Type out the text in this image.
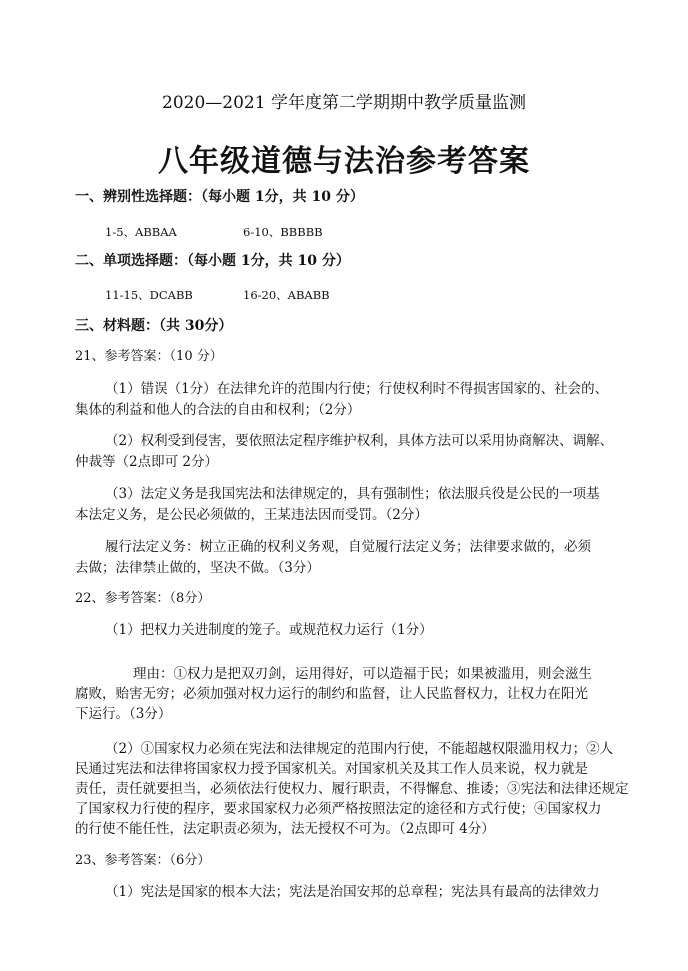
2020—2021 学年度第二学期期中教学质量监测
八年级道德与法治参考答案
一、辨别性选择题：（每小题 1分，共 10 分）
1-5、ABBAA	6-10、BBBBB
二、单项选择题：（每小题 1分，共 10 分）
11-15、DCABB	16-20、ABABB
三、材料题：（共 30分）
21、参考答案：（10 分）
（1）错误（1分）在法律允许的范围内行使；行使权利时不得损害国家的、社会的、
集体的利益和他人的合法的自由和权利；（2分）
（2）权利受到侵害，要依照法定程序维护权利，具体方法可以采用协商解决、调解、
仲裁等（2点即可 2分）
（3）法定义务是我国宪法和法律规定的，具有强制性；依法服兵役是公民的一项基
本法定义务，是公民必须做的，王某违法因而受罚。（2分）
履行法定义务：树立正确的权利义务观，自觉履行法定义务；法律要求做的，必须
去做；法律禁止做的，坚决不做。（3分）
22、参考答案：（8分）
（1）把权力关进制度的笼子。或规范权力运行（1分）
理由：①权力是把双刃剑，运用得好，可以造福于民；如果被滥用，则会滋生
腐败，贻害无穷；必须加强对权力运行的制约和监督，让人民监督权力，让权力在阳光
下运行。（3分）
（2）①国家权力必须在宪法和法律规定的范围内行使，不能超越权限滥用权力；②人
民通过宪法和法律将国家权力授予国家机关。对国家机关及其工作人员来说，权力就是
责任，责任就要担当，必须依法行使权力、履行职责，不得懈怠、推诿；③宪法和法律还规定
了国家权力行使的程序，要求国家权力必须严格按照法定的途径和方式行使；④国家权力
的行使不能任性，法定职责必须为，法无授权不可为。（2点即可 4分）
23、参考答案：（6分）
（1）宪法是国家的根本大法；宪法是治国安邦的总章程；宪法具有最高的法律效力
